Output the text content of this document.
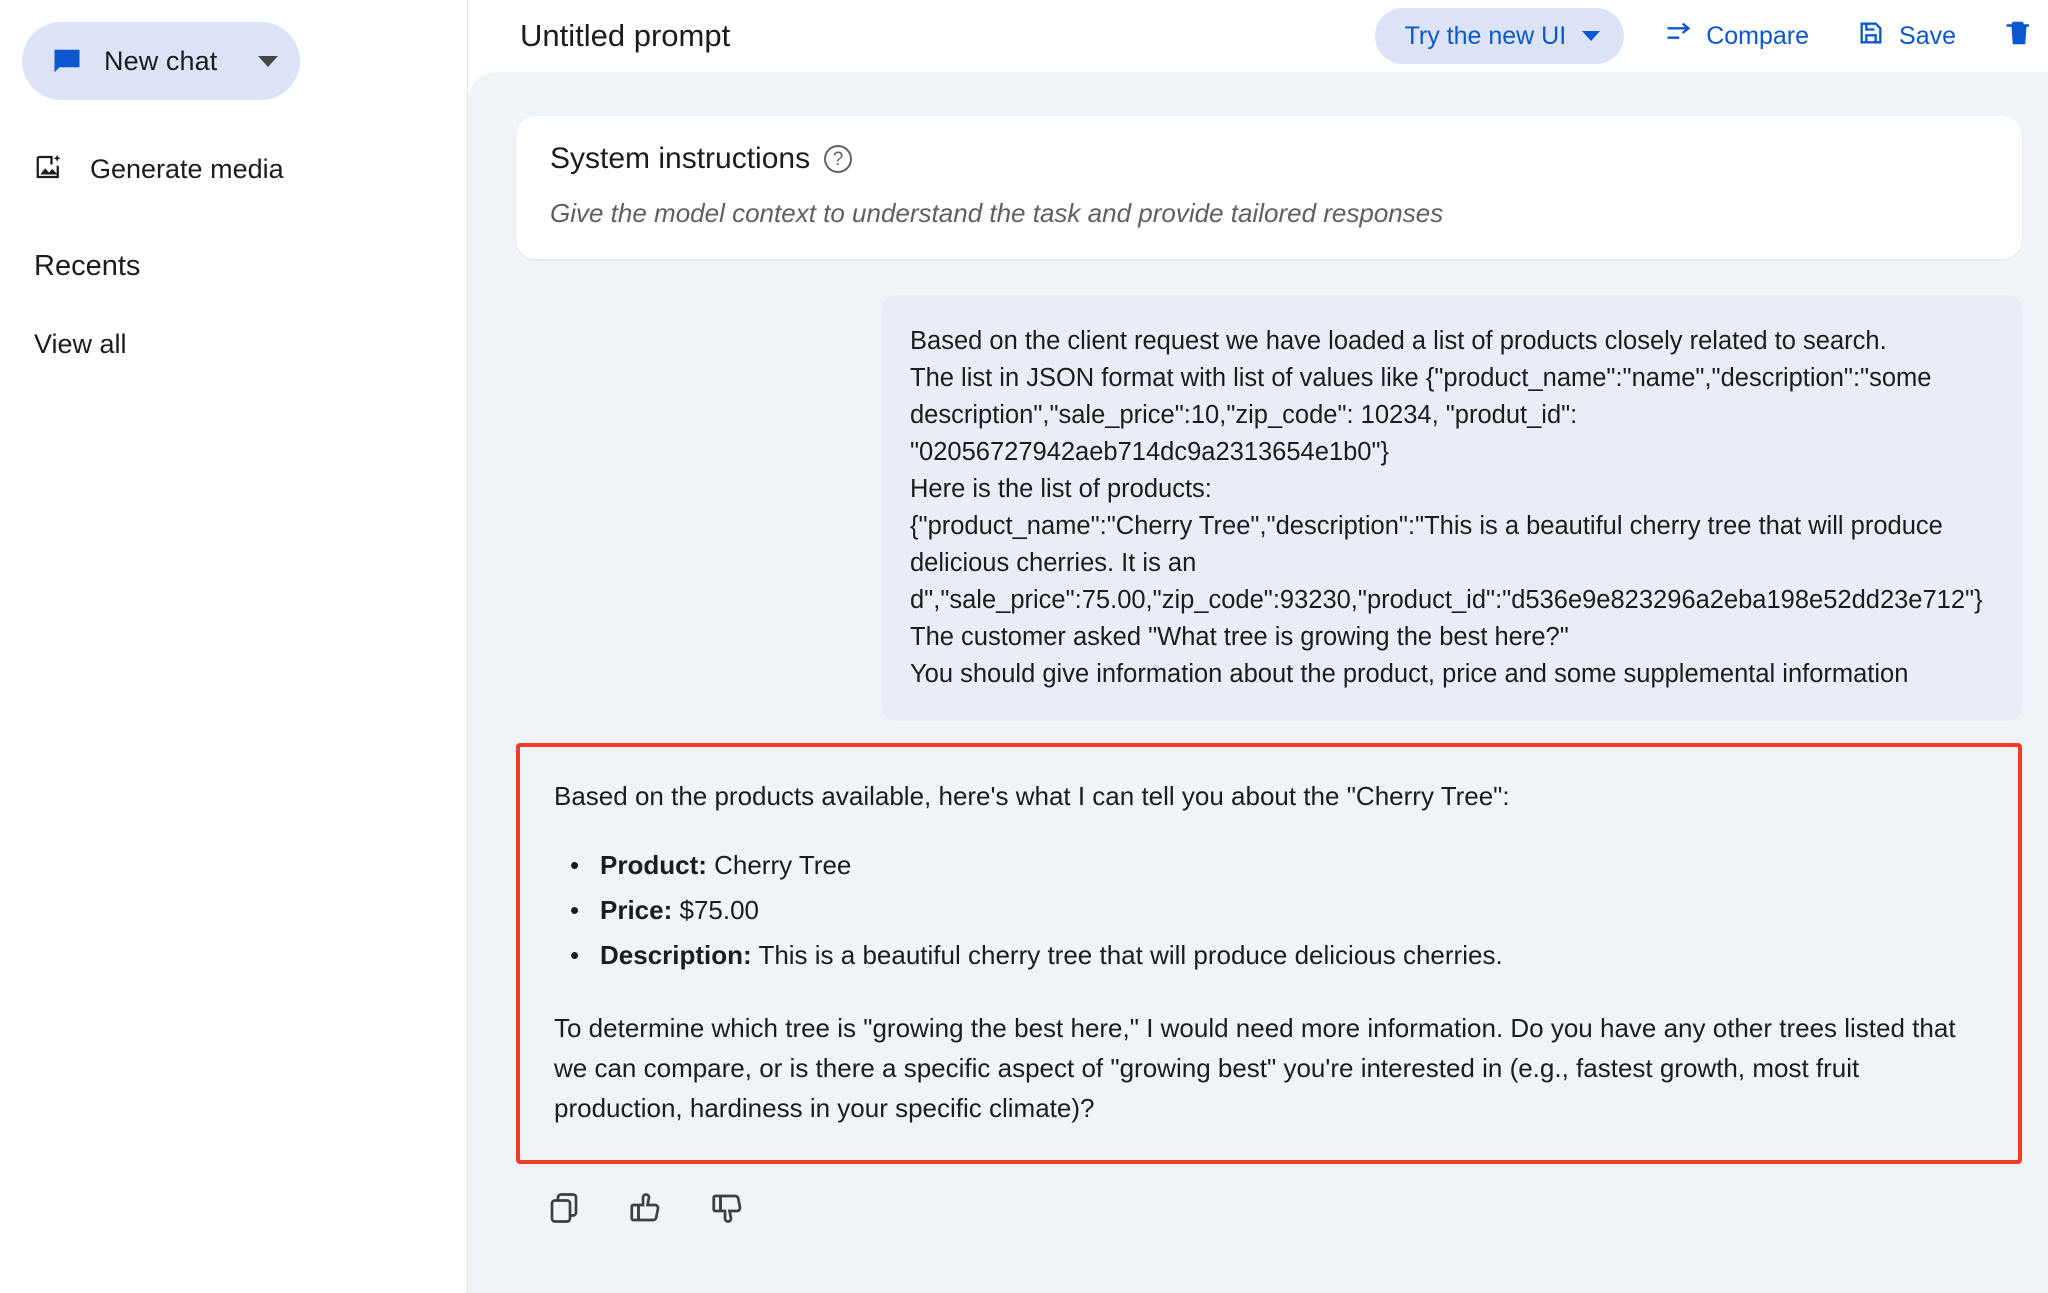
New chat
Generate media
Recents
View all
Untitled prompt	Try the new UI	Compare	Save
System instructions	?
Give the model context to understand the task and provide tailored responses
Based on the client request we have loaded a list of products closely related to search.
The list in JSON format with list of values like {"product_name":"name","description":"some description","sale_price":10,"zip_code": 10234, "produt_id": "02056727942aeb714dc9a2313654e1b0"}
Here is the list of products:
{"product_name":"Cherry Tree","description":"This is a beautiful cherry tree that will produce delicious cherries. It is an d","sale_price":75.00,"zip_code":93230,"product_id":"d536e9e823296a2eba198e52dd23e712"}
The customer asked "What tree is growing the best here?"
You should give information about the product, price and some supplemental information
Based on the products available, here's what I can tell you about the "Cherry Tree":
• Product: Cherry Tree
• Price: $75.00
• Description: This is a beautiful cherry tree that will produce delicious cherries.
To determine which tree is "growing the best here," I would need more information. Do you have any other trees listed that we can compare, or is there a specific aspect of "growing best" you're interested in (e.g., fastest growth, most fruit production, hardiness in your specific climate)?
